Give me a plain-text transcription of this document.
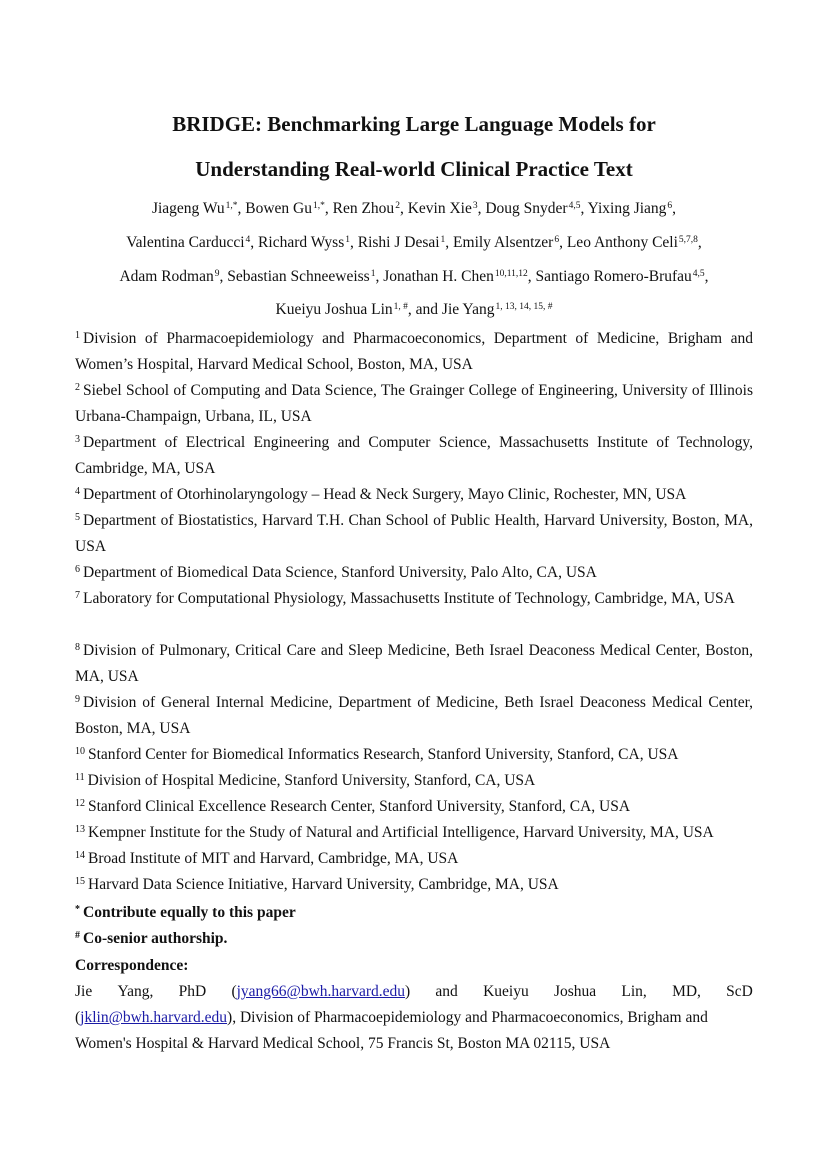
BRIDGE: Benchmarking Large Language Models for
Understanding Real-world Clinical Practice Text
Jiageng $Wu^{1,*}$, Bowen $Gu^{1,*}$, Ren Zhou$^2$, Kevin Xie$^3$, Doug Snyder$^{4,5}$, Yixing Jiang$^6$,
Valentina Carducci$^4$, Richard Wyss$^1$, Rishi J Desai$^1$, Emily Alsentzer$^6$, Leo Anthony Celi$^{5,7,8}$,
Adam Rodman$^9$, Sebastian Schneeweiss$^1$, Jonathan H. Chen$^{10,11,12}$, Santiago Romero-Brufau$^{4,5}$,
Kueiyu Joshua Lin$^{1, \#}$, and Jie Yang$^{1, 13, 14, 15, \#}$
$^1$ Division of Pharmacoepidemiology and Pharmacoeconomics, Department of Medicine, Brigham and Women’s Hospital, Harvard Medical School, Boston, MA, USA
$^2$ Siebel School of Computing and Data Science, The Grainger College of Engineering, University of Illinois Urbana-Champaign, Urbana, IL, USA
$^3$ Department of Electrical Engineering and Computer Science, Massachusetts Institute of Technology, Cambridge, MA, USA
$^4$ Department of Otorhinolaryngology – Head & Neck Surgery, Mayo Clinic, Rochester, MN, USA
$^5$ Department of Biostatistics, Harvard T.H. Chan School of Public Health, Harvard University, Boston, MA, USA
$^6$ Department of Biomedical Data Science, Stanford University, Palo Alto, CA, USA
$^7$ Laboratory for Computational Physiology, Massachusetts Institute of Technology, Cambridge, MA, USA
$^8$ Division of Pulmonary, Critical Care and Sleep Medicine, Beth Israel Deaconess Medical Center, Boston, MA, USA
$^9$ Division of General Internal Medicine, Department of Medicine, Beth Israel Deaconess Medical Center, Boston, MA, USA
$^{10}$ Stanford Center for Biomedical Informatics Research, Stanford University, Stanford, CA, USA
$^{11}$ Division of Hospital Medicine, Stanford University, Stanford, CA, USA
$^{12}$ Stanford Clinical Excellence Research Center, Stanford University, Stanford, CA, USA
$^{13}$ Kempner Institute for the Study of Natural and Artificial Intelligence, Harvard University, MA, USA
$^{14}$ Broad Institute of MIT and Harvard, Cambridge, MA, USA
$^{15}$ Harvard Data Science Initiative, Harvard University, Cambridge, MA, USA
* Contribute equally to this paper
# Co-senior authorship.
Correspondence:
Jie Yang, PhD (jyang66@bwh.harvard.edu) and Kueiyu Joshua Lin, MD, ScD
(jklin@bwh.harvard.edu), Division of Pharmacoepidemiology and Pharmacoeconomics, Brigham and
Women's Hospital & Harvard Medical School, 75 Francis St, Boston MA 02115, USA
